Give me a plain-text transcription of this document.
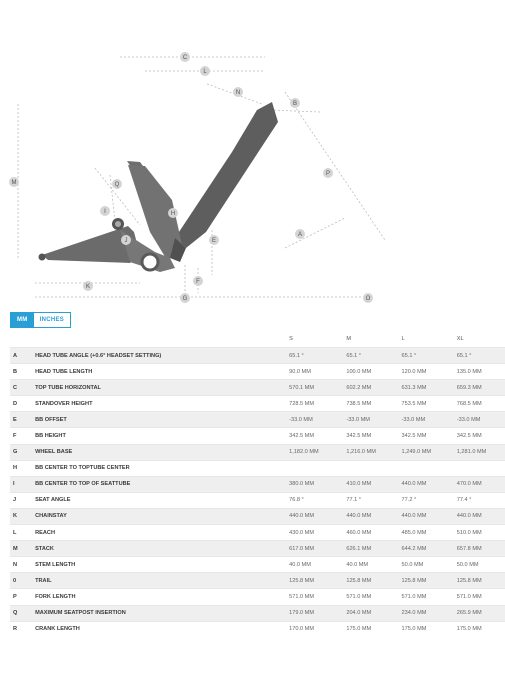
C
L
N
B
M
P
Q
I
J
H
E
A
F
K
G	O
MM	INCHES
		S	M	L	XL
A	HEAD TUBE ANGLE (+0.6° HEADSET SETTING)	65.1 °	65.1 °	65.1 °	65.1 °
B	HEAD TUBE LENGTH	90.0 MM	100.0 MM	120.0 MM	135.0 MM
C	TOP TUBE HORIZONTAL	570.1 MM	602.2 MM	631.3 MM	659.3 MM
D	STANDOVER HEIGHT	728.5 MM	738.5 MM	753.5 MM	768.5 MM
E	BB OFFSET	-33.0 MM	-33.0 MM	-33.0 MM	-33.0 MM
F	BB HEIGHT	342.5 MM	342.5 MM	342.5 MM	342.5 MM
G	WHEEL BASE	1,182.0 MM	1,216.0 MM	1,249.0 MM	1,281.0 MM
H	BB CENTER TO TOPTUBE CENTER				
I	BB CENTER TO TOP OF SEATTUBE	380.0 MM	410.0 MM	440.0 MM	470.0 MM
J	SEAT ANGLE	76.8 °	77.1 °	77.2 °	77.4 °
K	CHAINSTAY	440.0 MM	440.0 MM	440.0 MM	440.0 MM
L	REACH	430.0 MM	460.0 MM	485.0 MM	510.0 MM
M	STACK	617.0 MM	626.1 MM	644.2 MM	657.8 MM
N	STEM LENGTH	40.0 MM	40.0 MM	50.0 MM	50.0 MM
0	TRAIL	125.8 MM	125.8 MM	125.8 MM	125.8 MM
P	FORK LENGTH	571.0 MM	571.0 MM	571.0 MM	571.0 MM
Q	MAXIMUM SEATPOST INSERTION	179.0 MM	204.0 MM	234.0 MM	265.9 MM
R	CRANK LENGTH	170.0 MM	175.0 MM	175.0 MM	175.0 MM
